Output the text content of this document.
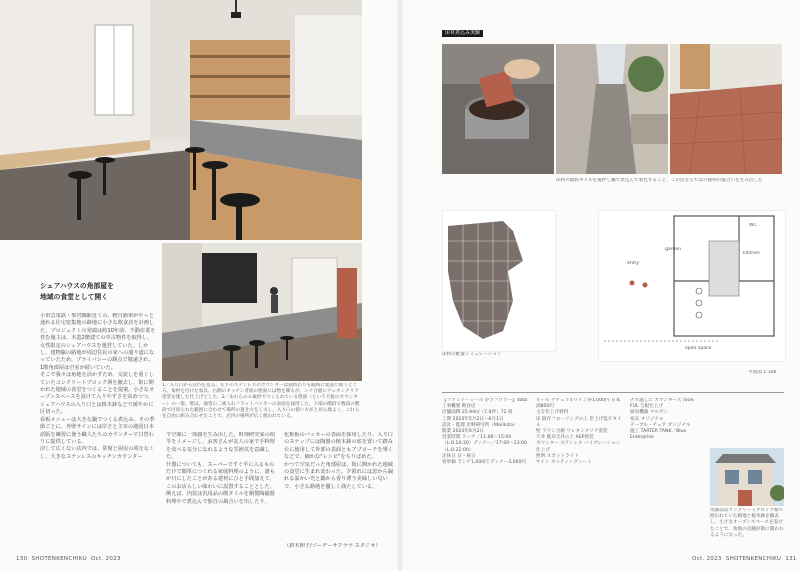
1／入り口から店内を見る。左手のステンレスのカウンターは週替わりも臨時に建設に使うところ。角材を付けた家具、右側のキッチン背面の壁面には物を飾るが、シナ合板にウレタンクリア塗装を施した仕上げとした。2／あれらのル素材でつくられている壁面（という天板のカウンター）の一般。壁は、通常の二重入れフラットバッカーの表面を採用した、下部の階段で数段の階段で区切られた範囲に合わせて場所の置き方を工夫し、入り口の使い方がと居心地よく、これらを自由に組み合わせたことで、店内の場所が広く使われている。
シェアハウスの角部屋を
地域の食堂として開く
小田急電鉄・参宮橋駅近くの、軽自動車がやっと通れる住宅密集地の路地に小さな飲食店を計画した。プロジェクトの発端は約10年前、不動産業を営む施主は、木造2階建ての中古物件を取得し、女性限定のシェアハウスを運営していた。しかし、建物脇の路地が周辺住民の家への通り道になっていたため、プライバシーの観点で敬遠され、1階角部屋は空室が続いていた。
そこで我々は角地を活かすため、交流しを重くしていたコンクリートブロック塀を撤去し、街に開かれた地域の食堂をつくることを提案。小さなオープンスペースを設けて入りやすさを高めつつ、シェアハウスの入り口とは植木鉢などで緩やかに区切った。
看板メニューは大きな鍋でつくる煮込み。その季節ごとに、外壁サインには岸さと主宰の地図日本語版を練習に使う職人たちのカウンターで日替わりに提供している。
決して広くない店内では、常席と厨房の境をなくし、大きなステンレスのキッチンカウンター
で空間に一体感を生み出した。料理研究家の柏苓をイメージし、お客さんが友人の家で手料理を食べる気分になれるような雰囲気を意識した。
什器についても、スーパーですぐ手に入るものだけで簡単につくれる家庭料理のように、誰もが日にしたことがある建材にひと手間加えて、このお店らしい味わいに設置することとした。例えば、内装は汎用品の階タイルを桐製陶磁器料理やで煮込んで独自の風合いを出したり、
化粧板のバッカーの表面を採用したり、入り口のステップには陶器の植木鉢の底を置いて踏み台に使用して外部の表面ともアプローチを導くなどで、細かな"レシピ"をちりばめた。
かつて空室だった角部屋は、街に開かれた地域の食堂に生まれ変わった。夕暮れには窓から漏れる温かい光と鍋から香り漂う美味しい匂いで、小さな路地を優しく満たしている。
（鈴木伸子/ゾーデーサクラマ スタジオ）
130 SHOTENKENCHIKU Oct. 2023
床材煮込み実験
床材の階段タイルを撹拌し鍋で煮込んで着色すること、この店ならではの独特の風合いを生み出した
床材の配置シミュレーション
entry
garden
kitchen
WC
open space
平面図 1:100
【ファミリーミール かラフワワー】data
工事概要 飲食店
店舗面積 25.94㎡（7.8坪）72 席
工期 2023年5月2日～6月1日
設計・監理 岸野研究所（Marikiza）
開業 2023年6月2日
営業時間 ランチ／11:00～15:00（L.O.14:30）ディナー／17:00～23:00（L.O.22:00）
定休日 日・祝日
客単価 ランチ1,000円 ディナー3,000円
ビール ナチュラルワイン各1,000円 日本酒800円
主な仕上げ材料
床 既存フローリングの上 臣上げ塩ビタイル
壁 ラワン合板 ウレタンクリア塗装
天井 既存天井の上 AEP塗装
カウンター ステンレス バイブレーション仕上げ
照明 スポットライト
サイン カッティングシート
ナス越しに カウンター天 /SUS FUL 与板仕上げ
厨房機器 マルゼン
家具 オリジナル
テーブル・チェア オリジナル
施工 TARTER TANK／Blue Enterprise
改修前はコンクリートブロック塀で囲われていた路地と植木鉢を撤去し、小さなオープンスペースを設けたことで、角地の店舗が街に開かれるようになった。
Oct. 2023 SHOTENKENCHIKU 131
